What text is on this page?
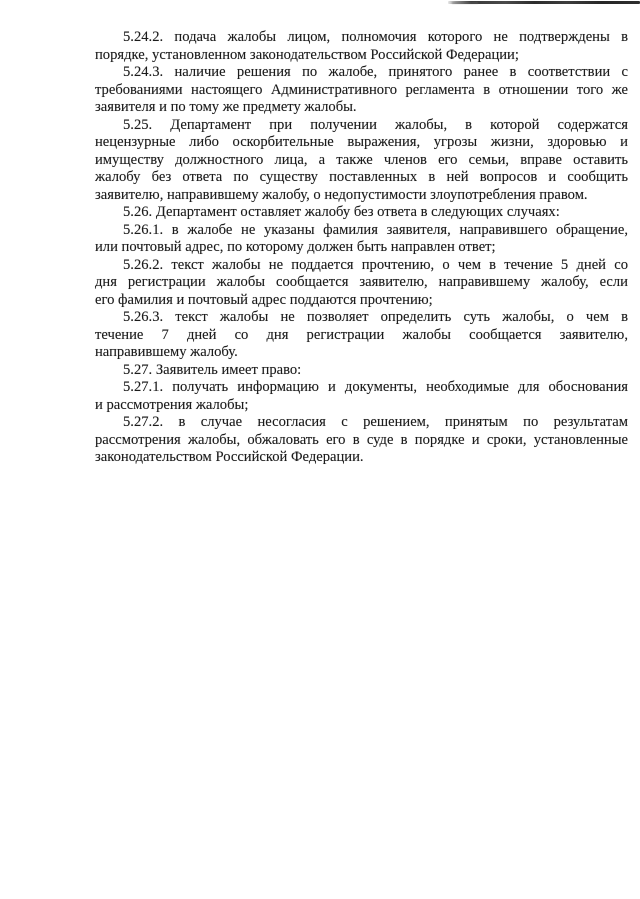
5.24.2. подача жалобы лицом, полномочия которого не подтверждены в
порядке, установленном законодательством Российской Федерации;
5.24.3. наличие решения по жалобе, принятого ранее в соответствии с
требованиями настоящего Административного регламента в отношении того же
заявителя и по тому же предмету жалобы.
5.25. Департамент при получении жалобы, в которой содержатся
нецензурные либо оскорбительные выражения, угрозы жизни, здоровью и
имуществу должностного лица, а также членов его семьи, вправе оставить
жалобу без ответа по существу поставленных в ней вопросов и сообщить
заявителю, направившему жалобу, о недопустимости злоупотребления правом.
5.26. Департамент оставляет жалобу без ответа в следующих случаях:
5.26.1. в жалобе не указаны фамилия заявителя, направившего обращение,
или почтовый адрес, по которому должен быть направлен ответ;
5.26.2. текст жалобы не поддается прочтению, о чем в течение 5 дней со
дня регистрации жалобы сообщается заявителю, направившему жалобу, если
его фамилия и почтовый адрес поддаются прочтению;
5.26.3. текст жалобы не позволяет определить суть жалобы, о чем в
течение 7 дней со дня регистрации жалобы сообщается заявителю,
направившему жалобу.
5.27. Заявитель имеет право:
5.27.1. получать информацию и документы, необходимые для обоснования
и рассмотрения жалобы;
5.27.2. в случае несогласия с решением, принятым по результатам
рассмотрения жалобы, обжаловать его в суде в порядке и сроки, установленные
законодательством Российской Федерации.
